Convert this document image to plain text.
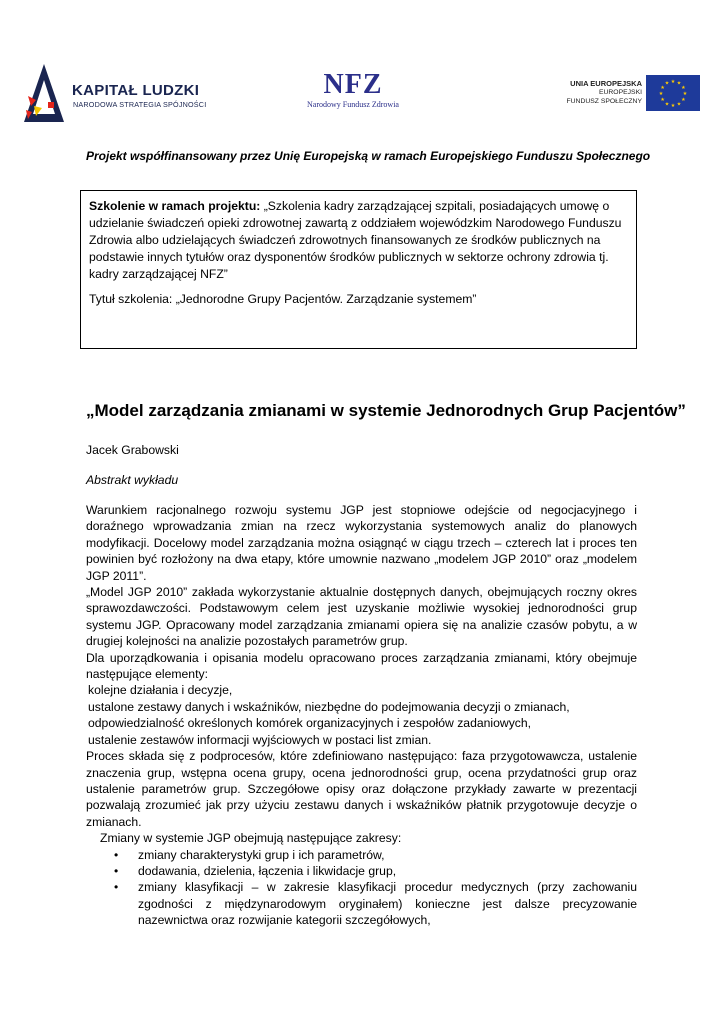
KAPITAŁ LUDZKI
NARODOWA STRATEGIA SPÓJNOŚCI
NFZ
Narodowy Fundusz Zdrowia
UNIA EUROPEJSKA
EUROPEJSKI
FUNDUSZ SPOŁECZNY
★ ★
★
★
★
★
★
★
★
★
★
★
Projekt współfinansowany przez Unię Europejską w ramach Europejskiego Funduszu Społecznego

Szkolenie w ramach projektu: „Szkolenia kadry zarządzającej szpitali, posiadających umowę o udzielanie świadczeń opieki zdrowotnej zawartą z oddziałem wojewódzkim Narodowego Funduszu Zdrowia albo udzielających świadczeń zdrowotnych finansowanych ze środków publicznych na podstawie innych tytułów oraz dysponentów środków publicznych w sektorze ochrony zdrowia tj. kadry zarządzającej NFZ”

Tytuł szkolenia: „Jednorodne Grupy Pacjentów. Zarządzanie systemem”

„Model zarządzania zmianami w systemie Jednorodnych Grup Pacjentów”
Jacek Grabowski
Abstrakt wykładu

Warunkiem racjonalnego rozwoju systemu JGP jest stopniowe odejście od negocjacyjnego i doraźnego wprowadzania zmian na rzecz wykorzystania systemowych analiz do planowych modyfikacji. Docelowy model zarządzania można osiągnąć w ciągu trzech – czterech lat i proces ten powinien być rozłożony na dwa etapy, które umownie nazwano „modelem JGP 2010” oraz „modelem JGP 2011”.

„Model JGP 2010” zakłada wykorzystanie aktualnie dostępnych danych, obejmujących roczny okres sprawozdawczości. Podstawowym celem jest uzyskanie możliwie wysokiej jednorodności grup systemu JGP. Opracowany model zarządzania zmianami opiera się na analizie czasów pobytu, a w drugiej kolejności na analizie pozostałych parametrów grup.

Dla uporządkowania i opisania modelu opracowano proces zarządzania zmianami, który obejmuje następujące elementy:

kolejne działania i decyzje,

ustalone zestawy danych i wskaźników, niezbędne do podejmowania decyzji o zmianach,

odpowiedzialność określonych komórek organizacyjnych i zespołów zadaniowych,

ustalenie zestawów informacji wyjściowych w postaci list zmian.

Proces składa się z podprocesów, które zdefiniowano następująco: faza przygotowawcza, ustalenie znaczenia grup, wstępna ocena grupy, ocena jednorodności grup, ocena przydatności grup oraz ustalenie parametrów grup. Szczegółowe opisy oraz dołączone przykłady zawarte w prezentacji pozwalają zrozumieć jak przy użyciu zestawu danych i wskaźników płatnik przygotowuje decyzje o zmianach.

Zmiany w systemie JGP obejmują następujące zakresy:

• zmiany charakterystyki grup i ich parametrów,
• dodawania, dzielenia, łączenia i likwidacje grup,
• zmiany klasyfikacji – w zakresie klasyfikacji procedur medycznych (przy zachowaniu zgodności z międzynarodowym oryginałem) konieczne jest dalsze precyzowanie nazewnictwa oraz rozwijanie kategorii szczegółowych,
